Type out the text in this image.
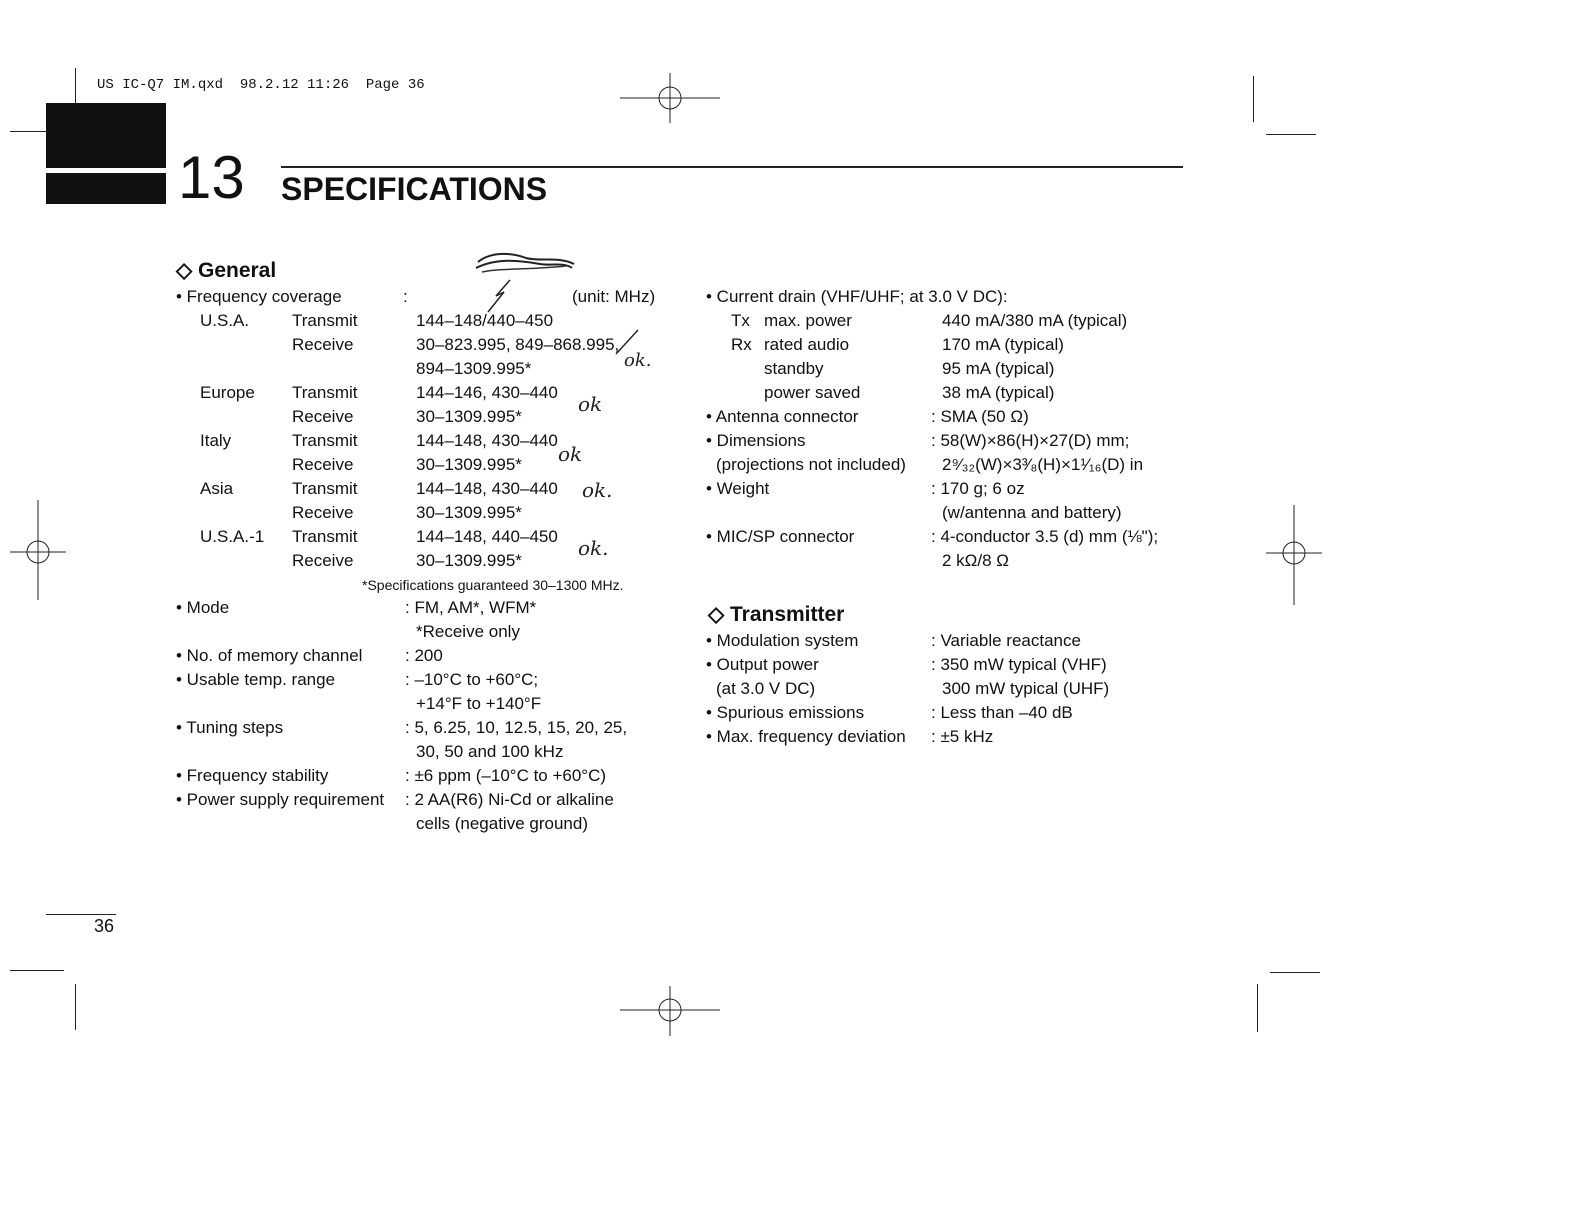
US IC-Q7 IM.qxd  98.2.12 11:26  Page 36
13 SPECIFICATIONS
◇ General
• Frequency coverage	:	(unit: MHz)
U.S.A.	Transmit	144–148/440–450
Receive	30–823.995, 849–868.995,
894–1309.995*
Europe Transmit	144–146, 430–440
Receive	30–1309.995*
Italy	Transmit	144–148, 430–440
Receive	30–1309.995*
Asia	Transmit	144–148, 430–440
Receive	30–1309.995*
U.S.A.-1 Transmit	144–148, 440–450
Receive	30–1309.995*
*Specifications guaranteed 30–1300 MHz.
• Mode	: FM, AM*, WFM*
*Receive only
• No. of memory channel	: 200
• Usable temp. range	: –10°C to +60°C;
+14°F to +140°F
• Tuning steps	: 5, 6.25, 10, 12.5, 15, 20, 25,
30, 50 and 100 kHz
• Frequency stability	: ±6 ppm (–10°C to +60°C)
• Power supply requirement : 2 AA(R6) Ni-Cd or alkaline
cells (negative ground)
• Current drain (VHF/UHF; at 3.0 V DC):
Tx max. power	440 mA/380 mA (typical)
Rx rated audio	170 mA (typical)
standby	95 mA (typical)
power saved	38 mA (typical)
• Antenna connector	: SMA (50 Ω)
• Dimensions	: 58(W)×86(H)×27(D) mm;
(projections not included) 2⁹⁄₃₂(W)×3³⁄₈(H)×1¹⁄₁₆(D) in
• Weight	: 170 g; 6 oz
(w/antenna and battery)
• MIC/SP connector	: 4-conductor 3.5 (d) mm (⅛");
2 kΩ/8 Ω
◇ Transmitter
• Modulation system	: Variable reactance
• Output power	: 350 mW typical (VHF)
(at 3.0 V DC)	300 mW typical (UHF)
• Spurious emissions	: Less than –40 dB
• Max. frequency deviation : ±5 kHz
ok.
ok
ok
ok.
ok.
36
